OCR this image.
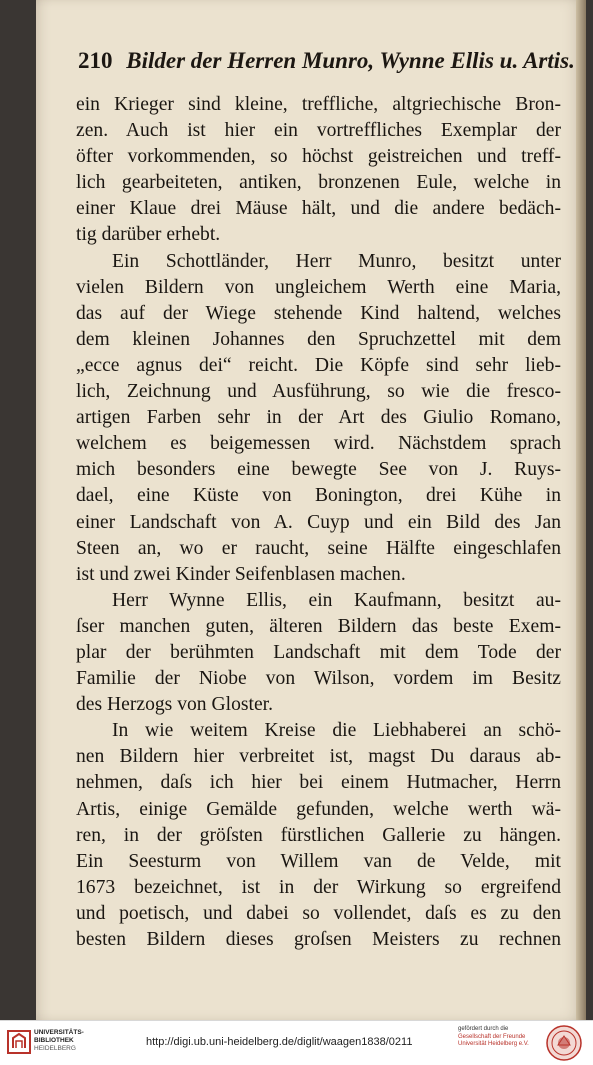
210 Bilder der Herren Munro, Wynne Ellis u. Artis.
ein Krieger sind kleine, treffliche, altgriechische Bron-
zen. Auch ist hier ein vortreffliches Exemplar der
öfter vorkommenden, so höchst geistreichen und treff-
lich gearbeiteten, antiken, bronzenen Eule, welche in
einer Klaue drei Mäuse hält, und die andere bedäch-
tig darüber erhebt.
Ein Schottländer, Herr Munro, besitzt unter
vielen Bildern von ungleichem Werth eine Maria,
das auf der Wiege stehende Kind haltend, welches
dem kleinen Johannes den Spruchzettel mit dem
„ecce agnus dei“ reicht. Die Köpfe sind sehr lieb-
lich, Zeichnung und Ausführung, so wie die fresco-
artigen Farben sehr in der Art des Giulio Romano,
welchem es beigemessen wird. Nächstdem sprach
mich besonders eine bewegte See von J. Ruys-
dael, eine Küste von Bonington, drei Kühe in
einer Landschaft von A. Cuyp und ein Bild des Jan
Steen an, wo er raucht, seine Hälfte eingeschlafen
ist und zwei Kinder Seifenblasen machen.
Herr Wynne Ellis, ein Kaufmann, besitzt au-
ſser manchen guten, älteren Bildern das beste Exem-
plar der berühmten Landschaft mit dem Tode der
Familie der Niobe von Wilson, vordem im Besitz
des Herzogs von Gloster.
In wie weitem Kreise die Liebhaberei an schö-
nen Bildern hier verbreitet ist, magst Du daraus ab-
nehmen, daſs ich hier bei einem Hutmacher, Herrn
Artis, einige Gemälde gefunden, welche werth wä-
ren, in der gröſsten fürstlichen Gallerie zu hängen.
Ein Seesturm von Willem van de Velde, mit
1673 bezeichnet, ist in der Wirkung so ergreifend
und poetisch, und dabei so vollendet, daſs es zu den
besten Bildern dieses groſsen Meisters zu rechnen
UNIVERSITÄTS-
BIBLIOTHEK
HEIDELBERG
http://digi.ub.uni-heidelberg.de/diglit/waagen1838/0211
gefördert durch die
Gesellschaft der Freunde
Universität Heidelberg e.V.
